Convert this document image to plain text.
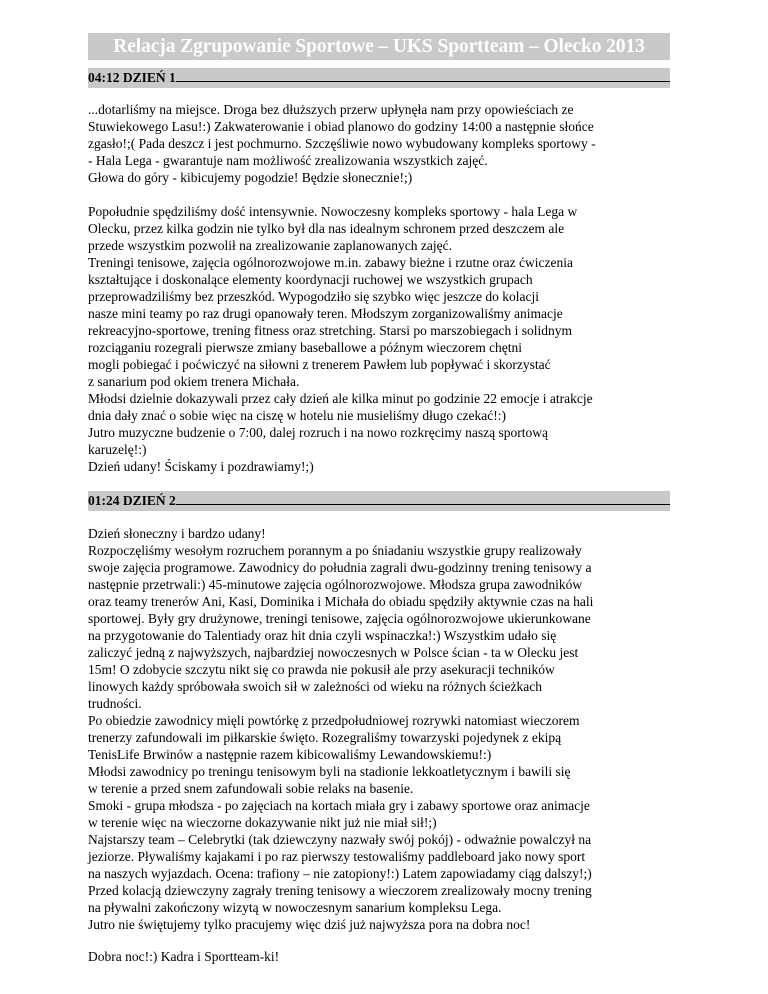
Relacja Zgrupowanie Sportowe – UKS Sportteam – Olecko 2013
04:12 DZIEŃ 1

...dotarliśmy na miejsce. Droga bez dłuższych przerw upłynęła nam przy opowieściach ze
Stuwiekowego Lasu!:) Zakwaterowanie i obiad planowo do godziny 14:00 a następnie słońce
zgasło!;( Pada deszcz i jest pochmurno. Szczęśliwie nowo wybudowany kompleks sportowy -
- Hala Lega - gwarantuje nam możliwość zrealizowania wszystkich zajęć.
Głowa do góry - kibicujemy pogodzie! Będzie słonecznie!;)

Popołudnie spędziliśmy dość intensywnie. Nowoczesny kompleks sportowy - hala Lega w
Olecku, przez kilka godzin nie tylko był dla nas idealnym schronem przed deszczem ale
przede wszystkim pozwolił na zrealizowanie zaplanowanych zajęć.
Treningi tenisowe, zajęcia ogólnorozwojowe m.in. zabawy bieżne i rzutne oraz ćwiczenia
kształtujące i doskonalące elementy koordynacji ruchowej we wszystkich grupach
przeprowadziliśmy bez przeszkód. Wypogodziło się szybko więc jeszcze do kolacji
nasze mini teamy po raz drugi opanowały teren. Młodszym zorganizowaliśmy animacje
rekreacyjno-sportowe, trening fitness oraz stretching. Starsi po marszobiegach i solidnym
rozciąganiu rozegrali pierwsze zmiany baseballowe a późnym wieczorem chętni
mogli pobiegać i poćwiczyć na siłowni z trenerem Pawłem lub popływać i skorzystać
z sanarium pod okiem trenera Michała.
Młodsi dzielnie dokazywali przez cały dzień ale kilka minut po godzinie 22 emocje i atrakcje
dnia dały znać o sobie więc na ciszę w hotelu nie musieliśmy długo czekać!:)
Jutro muzyczne budzenie o 7:00, dalej rozruch i na nowo rozkręcimy naszą sportową
karuzelę!:)

Dzień udany! Ściskamy i pozdrawiamy!;)

01:24 DZIEŃ 2

Dzień słoneczny i bardzo udany!
Rozpoczęliśmy wesołym rozruchem porannym a po śniadaniu wszystkie grupy realizowały
swoje zajęcia programowe. Zawodnicy do południa zagrali dwu-godzinny trening tenisowy a
następnie przetrwali:) 45-minutowe zajęcia ogólnorozwojowe. Młodsza grupa zawodników
oraz teamy trenerów Ani, Kasi, Dominika i Michała do obiadu spędziły aktywnie czas na hali
sportowej. Były gry drużynowe, treningi tenisowe, zajęcia ogólnorozwojowe ukierunkowane
na przygotowanie do Talentiady oraz hit dnia czyli wspinaczka!:) Wszystkim udało się
zaliczyć jedną z najwyższych, najbardziej nowoczesnych w Polsce ścian - ta w Olecku jest
15m! O zdobycie szczytu nikt się co prawda nie pokusił ale przy asekuracji techników
linowych każdy spróbowała swoich sił w zależności od wieku na różnych ścieżkach
trudności.
Po obiedzie zawodnicy mięli powtórkę z przedpołudniowej rozrywki natomiast wieczorem
trenerzy zafundowali im piłkarskie święto. Rozegraliśmy towarzyski pojedynek z ekipą
TenisLife Brwinów a następnie razem kibicowaliśmy Lewandowskiemu!:)
Młodsi zawodnicy po treningu tenisowym byli na stadionie lekkoatletycznym i bawili się
w terenie a przed snem zafundowali sobie relaks na basenie.
Smoki - grupa młodsza - po zajęciach na kortach miała gry i zabawy sportowe oraz animacje
w terenie więc na wieczorne dokazywanie nikt już nie miał sił!;)
Najstarszy team – Celebrytki (tak dziewczyny nazwały swój pokój) - odważnie powalczył na
jeziorze. Pływaliśmy kajakami i po raz pierwszy testowaliśmy paddleboard jako nowy sport
na naszych wyjazdach. Ocena: trafiony – nie zatopiony!:) Latem zapowiadamy ciąg dalszy!;)
Przed kolacją dziewczyny zagrały trening tenisowy a wieczorem zrealizowały mocny trening
na pływalni zakończony wizytą w nowoczesnym sanarium kompleksu Lega.
Jutro nie świętujemy tylko pracujemy więc dziś już najwyższa pora na dobra noc!

Dobra noc!:) Kadra i Sportteam-ki!
